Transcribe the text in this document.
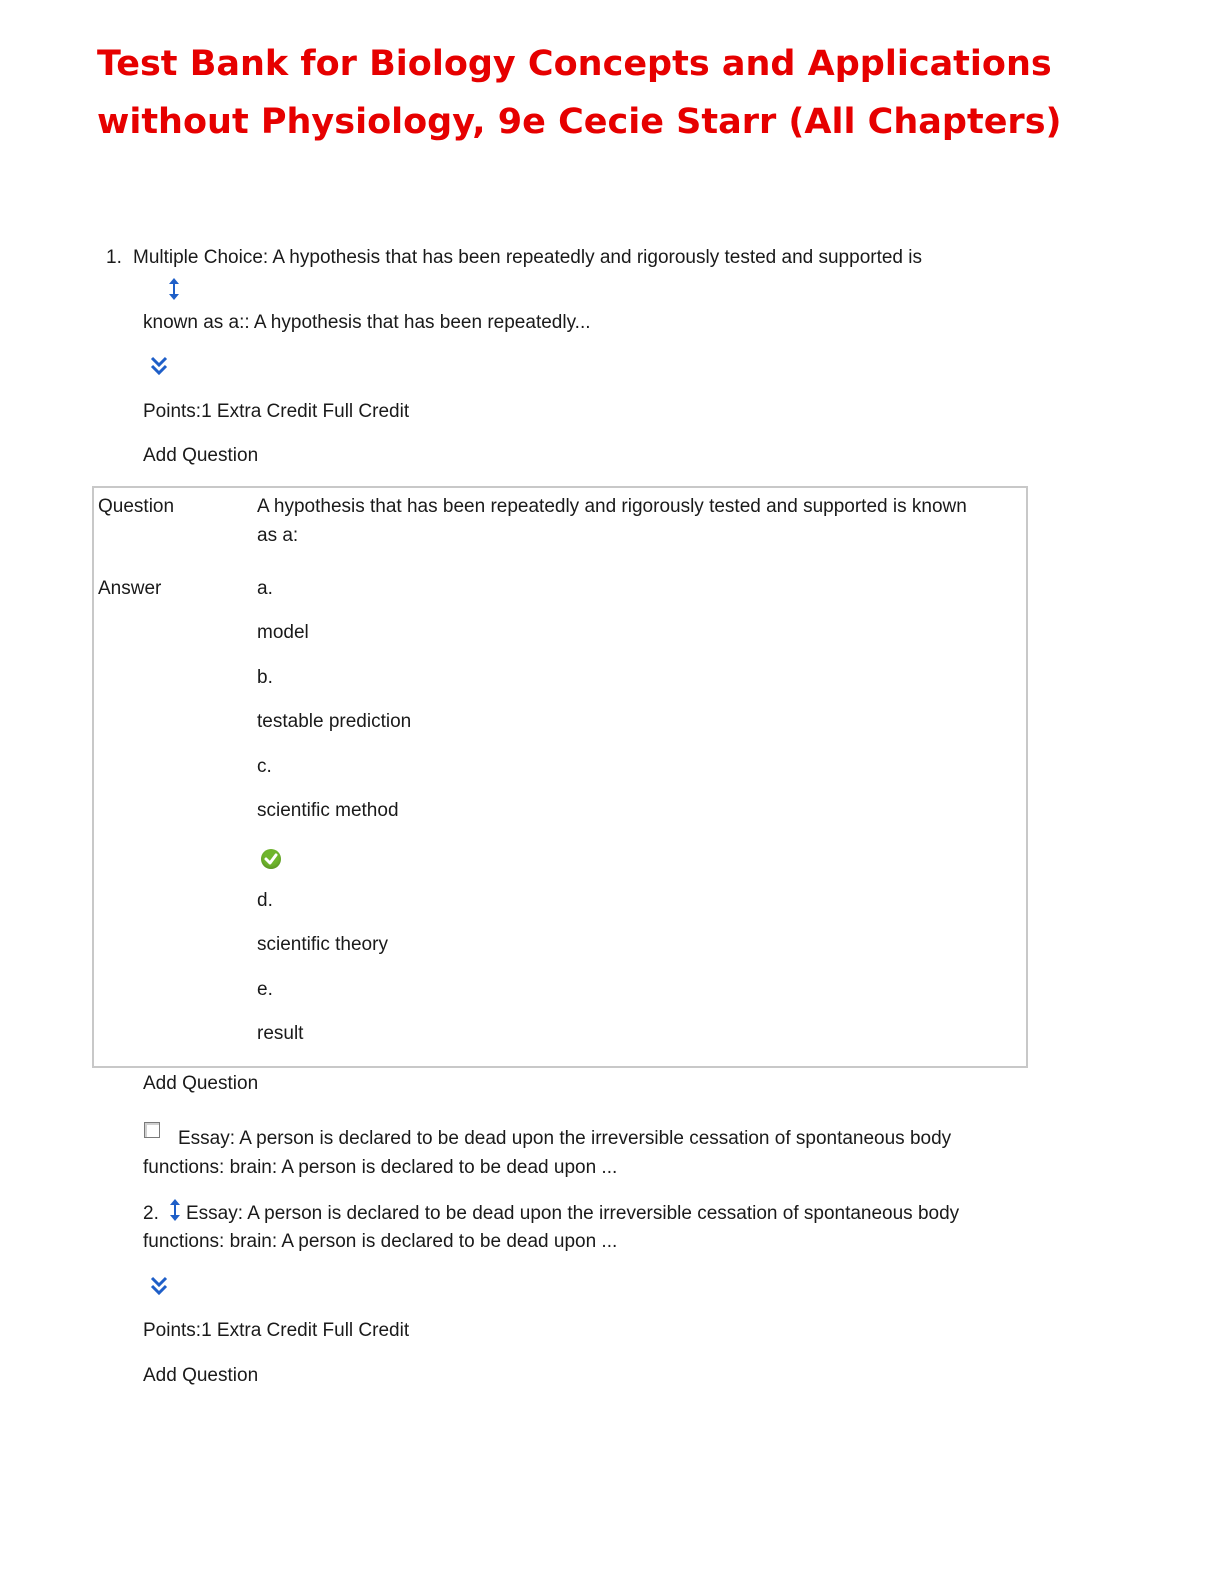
Test Bank for Biology Concepts and Applications
without Physiology, 9e Cecie Starr (All Chapters)
1. Multiple Choice: A hypothesis that has been repeatedly and rigorously tested and supported is
known as a:: A hypothesis that has been repeatedly...
Points:1 Extra Credit Full Credit
Add Question
Question	A hypothesis that has been repeatedly and rigorously tested and supported is known
as a:
Answer	a.
model
b.
testable prediction
c.
scientific method
d.
scientific theory
e.
result
Add Question
Essay: A person is declared to be dead upon the irreversible cessation of spontaneous body
functions: brain: A person is declared to be dead upon ...
2. Essay: A person is declared to be dead upon the irreversible cessation of spontaneous body
functions: brain: A person is declared to be dead upon ...
Points:1 Extra Credit Full Credit
Add Question
